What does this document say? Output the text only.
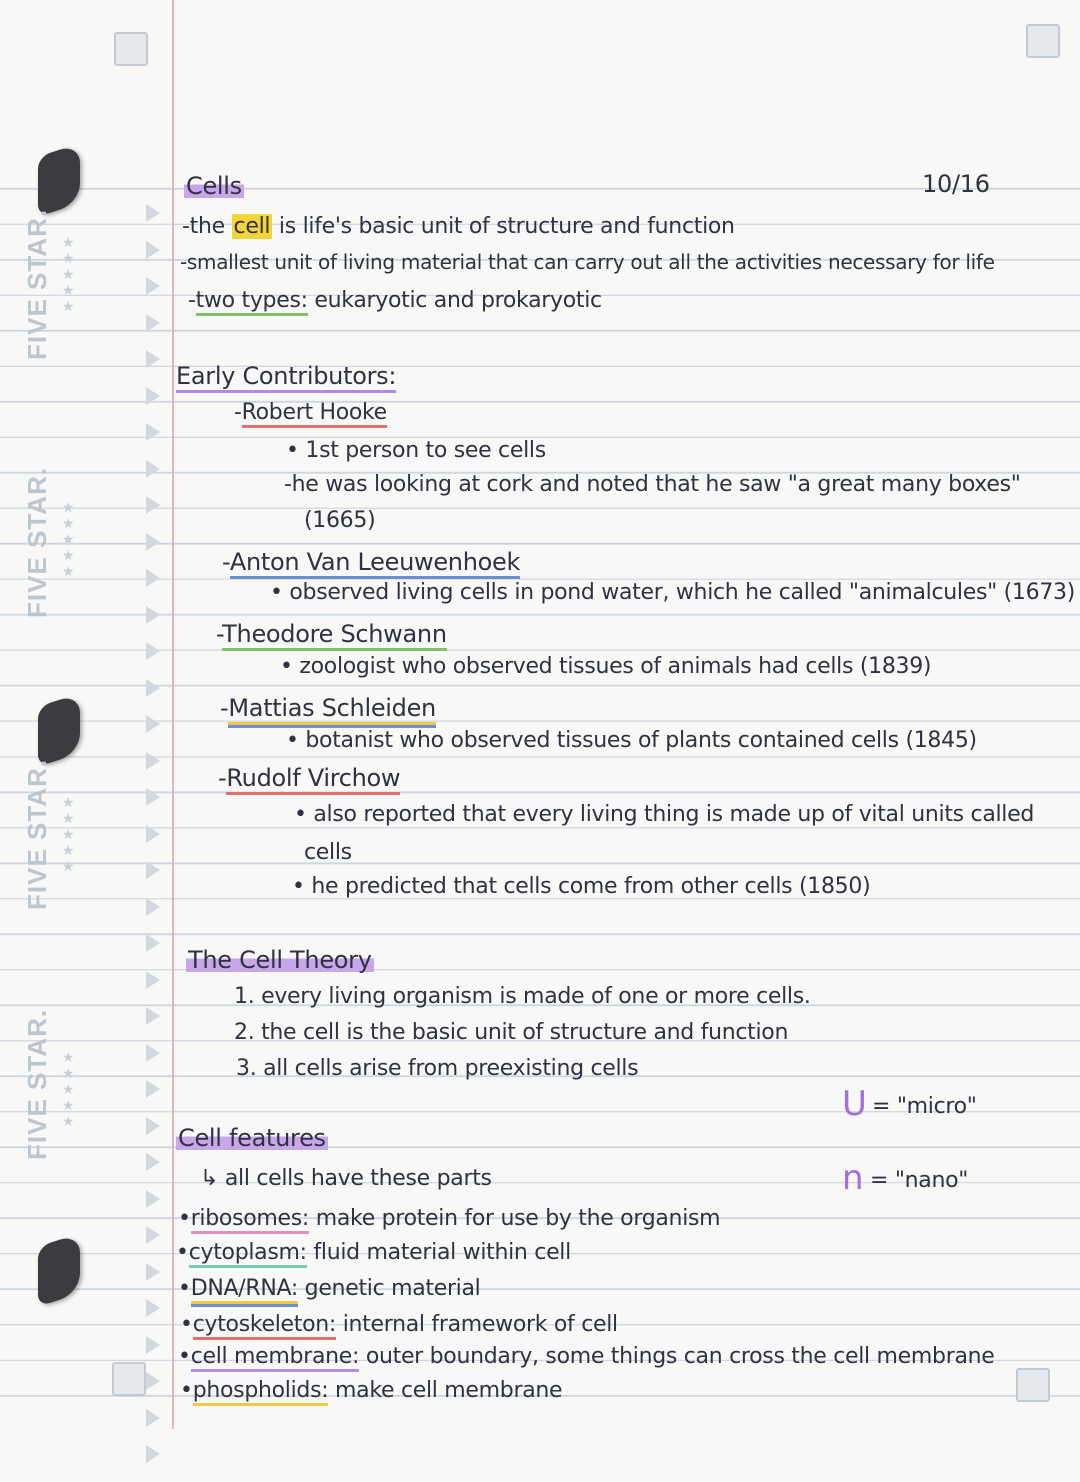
FIVE STAR.
FIVE STAR.
FIVE STAR.
FIVE STAR.
★
★
★
★
★
★
★
★
★
★
★
★
★
★
★
★
★
★
★
★
Cells	10/16
-the cell is life's basic unit of structure and function
-smallest unit of living material that can carry out all the activities necessary for life
-two types: eukaryotic and prokaryotic
Early Contributors:
-Robert Hooke
• 1st person to see cells
-he was looking at cork and noted that he saw "a great many boxes"
(1665)
-Anton Van Leeuwenhoek
• observed living cells in pond water, which he called "animalcules" (1673)
-Theodore Schwann
• zoologist who observed tissues of animals had cells (1839)
-Mattias Schleiden
• botanist who observed tissues of plants contained cells (1845)
-Rudolf Virchow
• also reported that every living thing is made up of vital units called
cells
• he predicted that cells come from other cells (1850)
The Cell Theory
1. every living organism is made of one or more cells.
2. the cell is the basic unit of structure and function
3. all cells arise from preexisting cells
U = "micro"
n = "nano"
Cell features
↳ all cells have these parts
•ribosomes: make protein for use by the organism
•cytoplasm: fluid material within cell
•DNA/RNA: genetic material
•cytoskeleton: internal framework of cell
•cell membrane: outer boundary, some things can cross the cell membrane
•phospholids: make cell membrane
